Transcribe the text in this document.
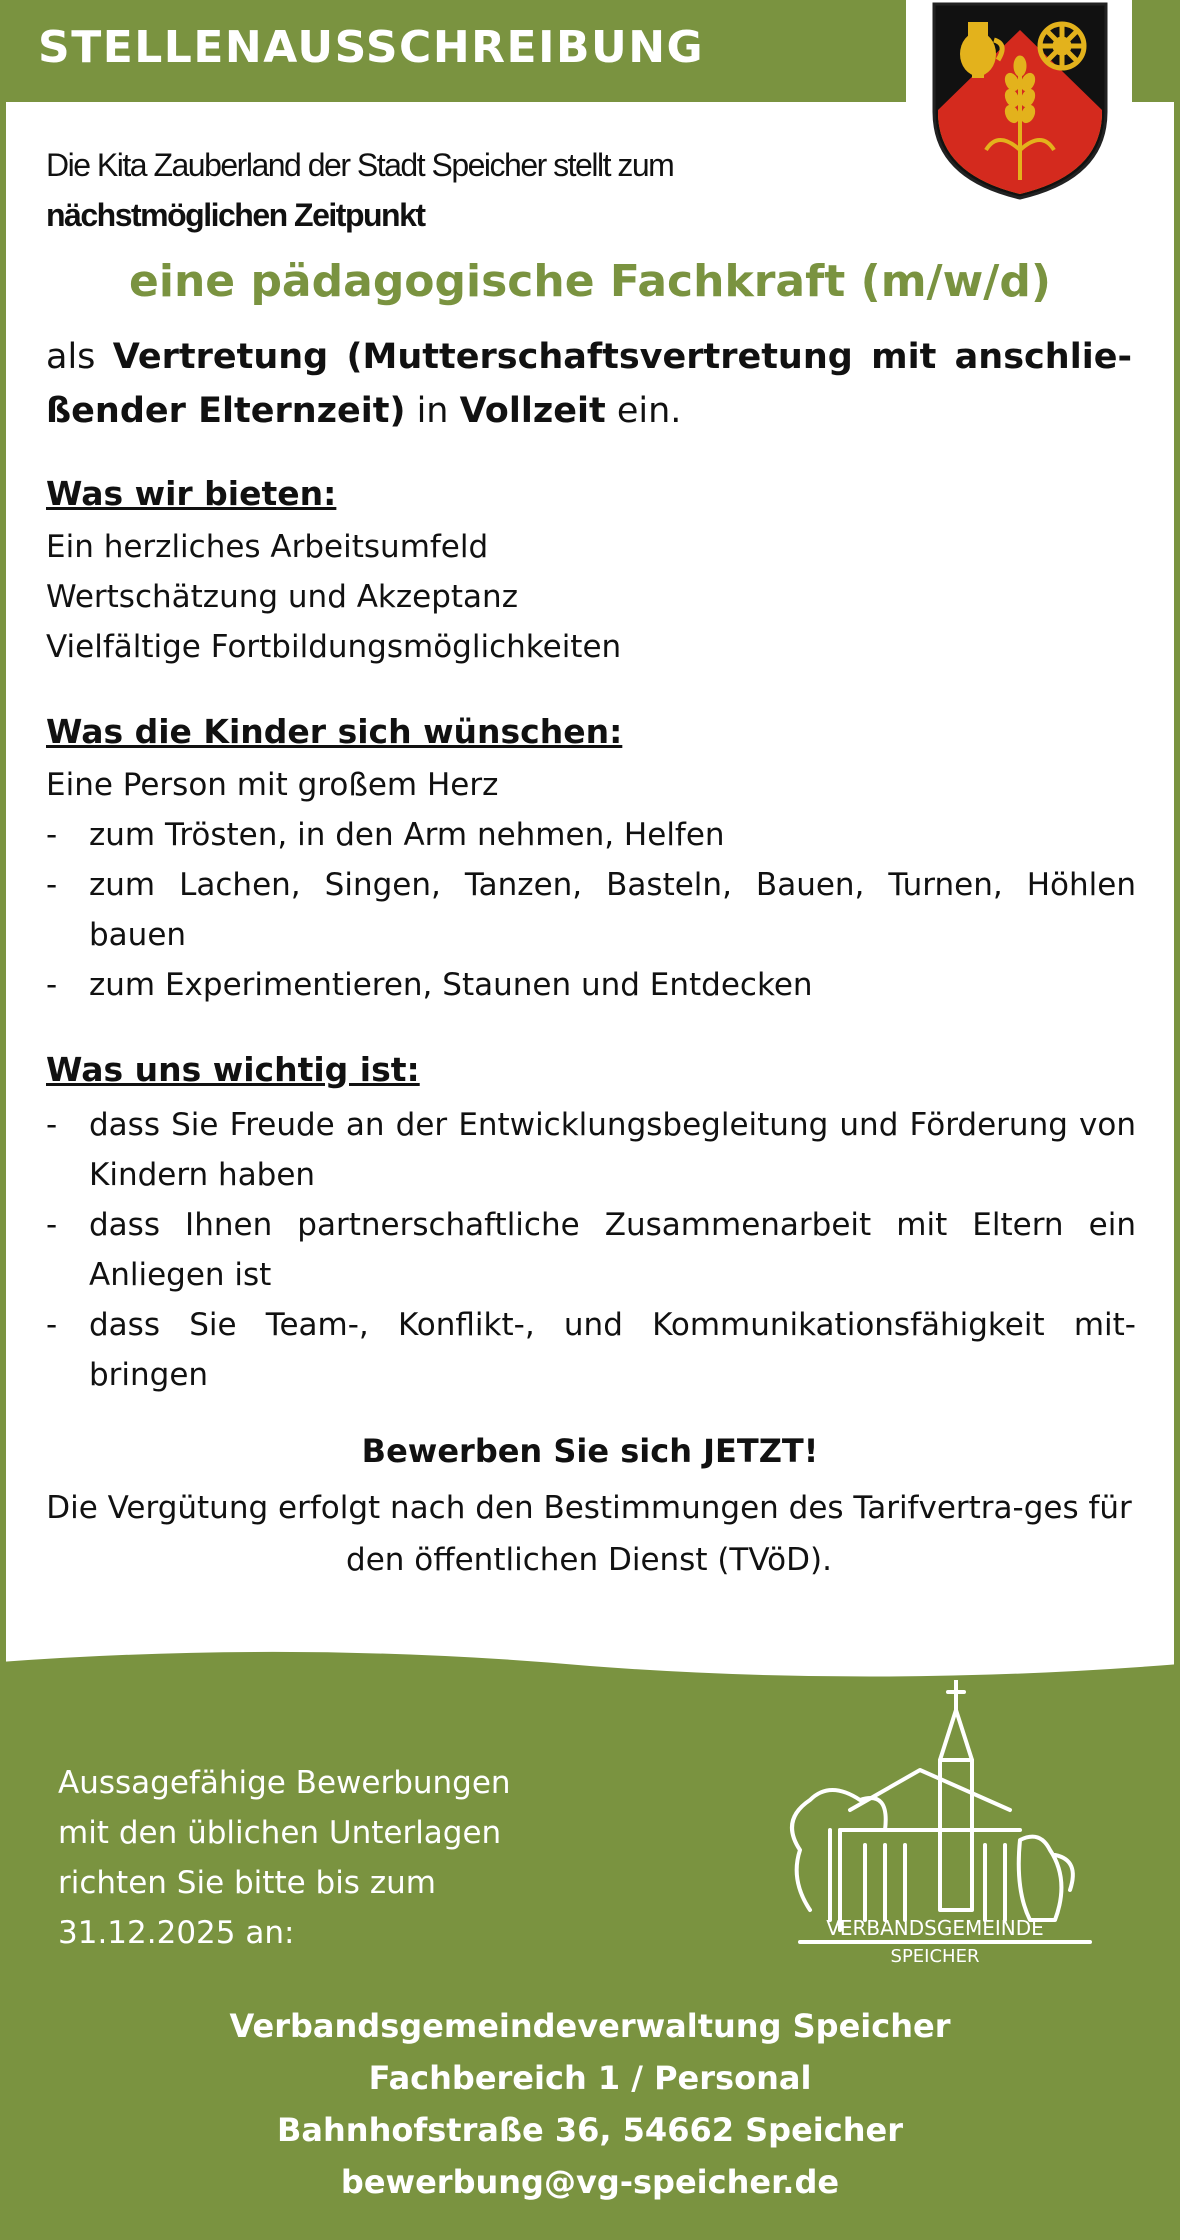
STELLENAUSSCHREIBUNG
Die Kita Zauberland der Stadt Speicher stellt zum
nächstmöglichen Zeitpunkt
eine pädagogische Fachkraft (m/w/d)
als Vertretung (Mutterschaftsvertretung mit anschlie-ßender Elternzeit) in Vollzeit ein.
Was wir bieten:
Ein herzliches Arbeitsumfeld
Wertschätzung und Akzeptanz
Vielfältige Fortbildungsmöglichkeiten
Was die Kinder sich wünschen:
Eine Person mit großem Herz
- zum Trösten, in den Arm nehmen, Helfen
- zum Lachen, Singen, Tanzen, Basteln, Bauen, Turnen, Höhlen bauen
- zum Experimentieren, Staunen und Entdecken
Was uns wichtig ist:
- dass Sie Freude an der Entwicklungsbegleitung und Förderung von Kindern haben
- dass Ihnen partnerschaftliche Zusammenarbeit mit Eltern ein Anliegen ist
- dass Sie Team-, Konflikt-, und Kommunikationsfähigkeit mit-bringen
Bewerben Sie sich JETZT!
Die Vergütung erfolgt nach den Bestimmungen des Tarifvertra-ges für den öffentlichen Dienst (TVöD).
Aussagefähige Bewerbungen
mit den üblichen Unterlagen
richten Sie bitte bis zum
31.12.2025 an:	VERBANDSGEMEINDE
SPEICHER
Verbandsgemeindeverwaltung Speicher
Fachbereich 1 / Personal
Bahnhofstraße 36, 54662 Speicher
bewerbung@vg-speicher.de
